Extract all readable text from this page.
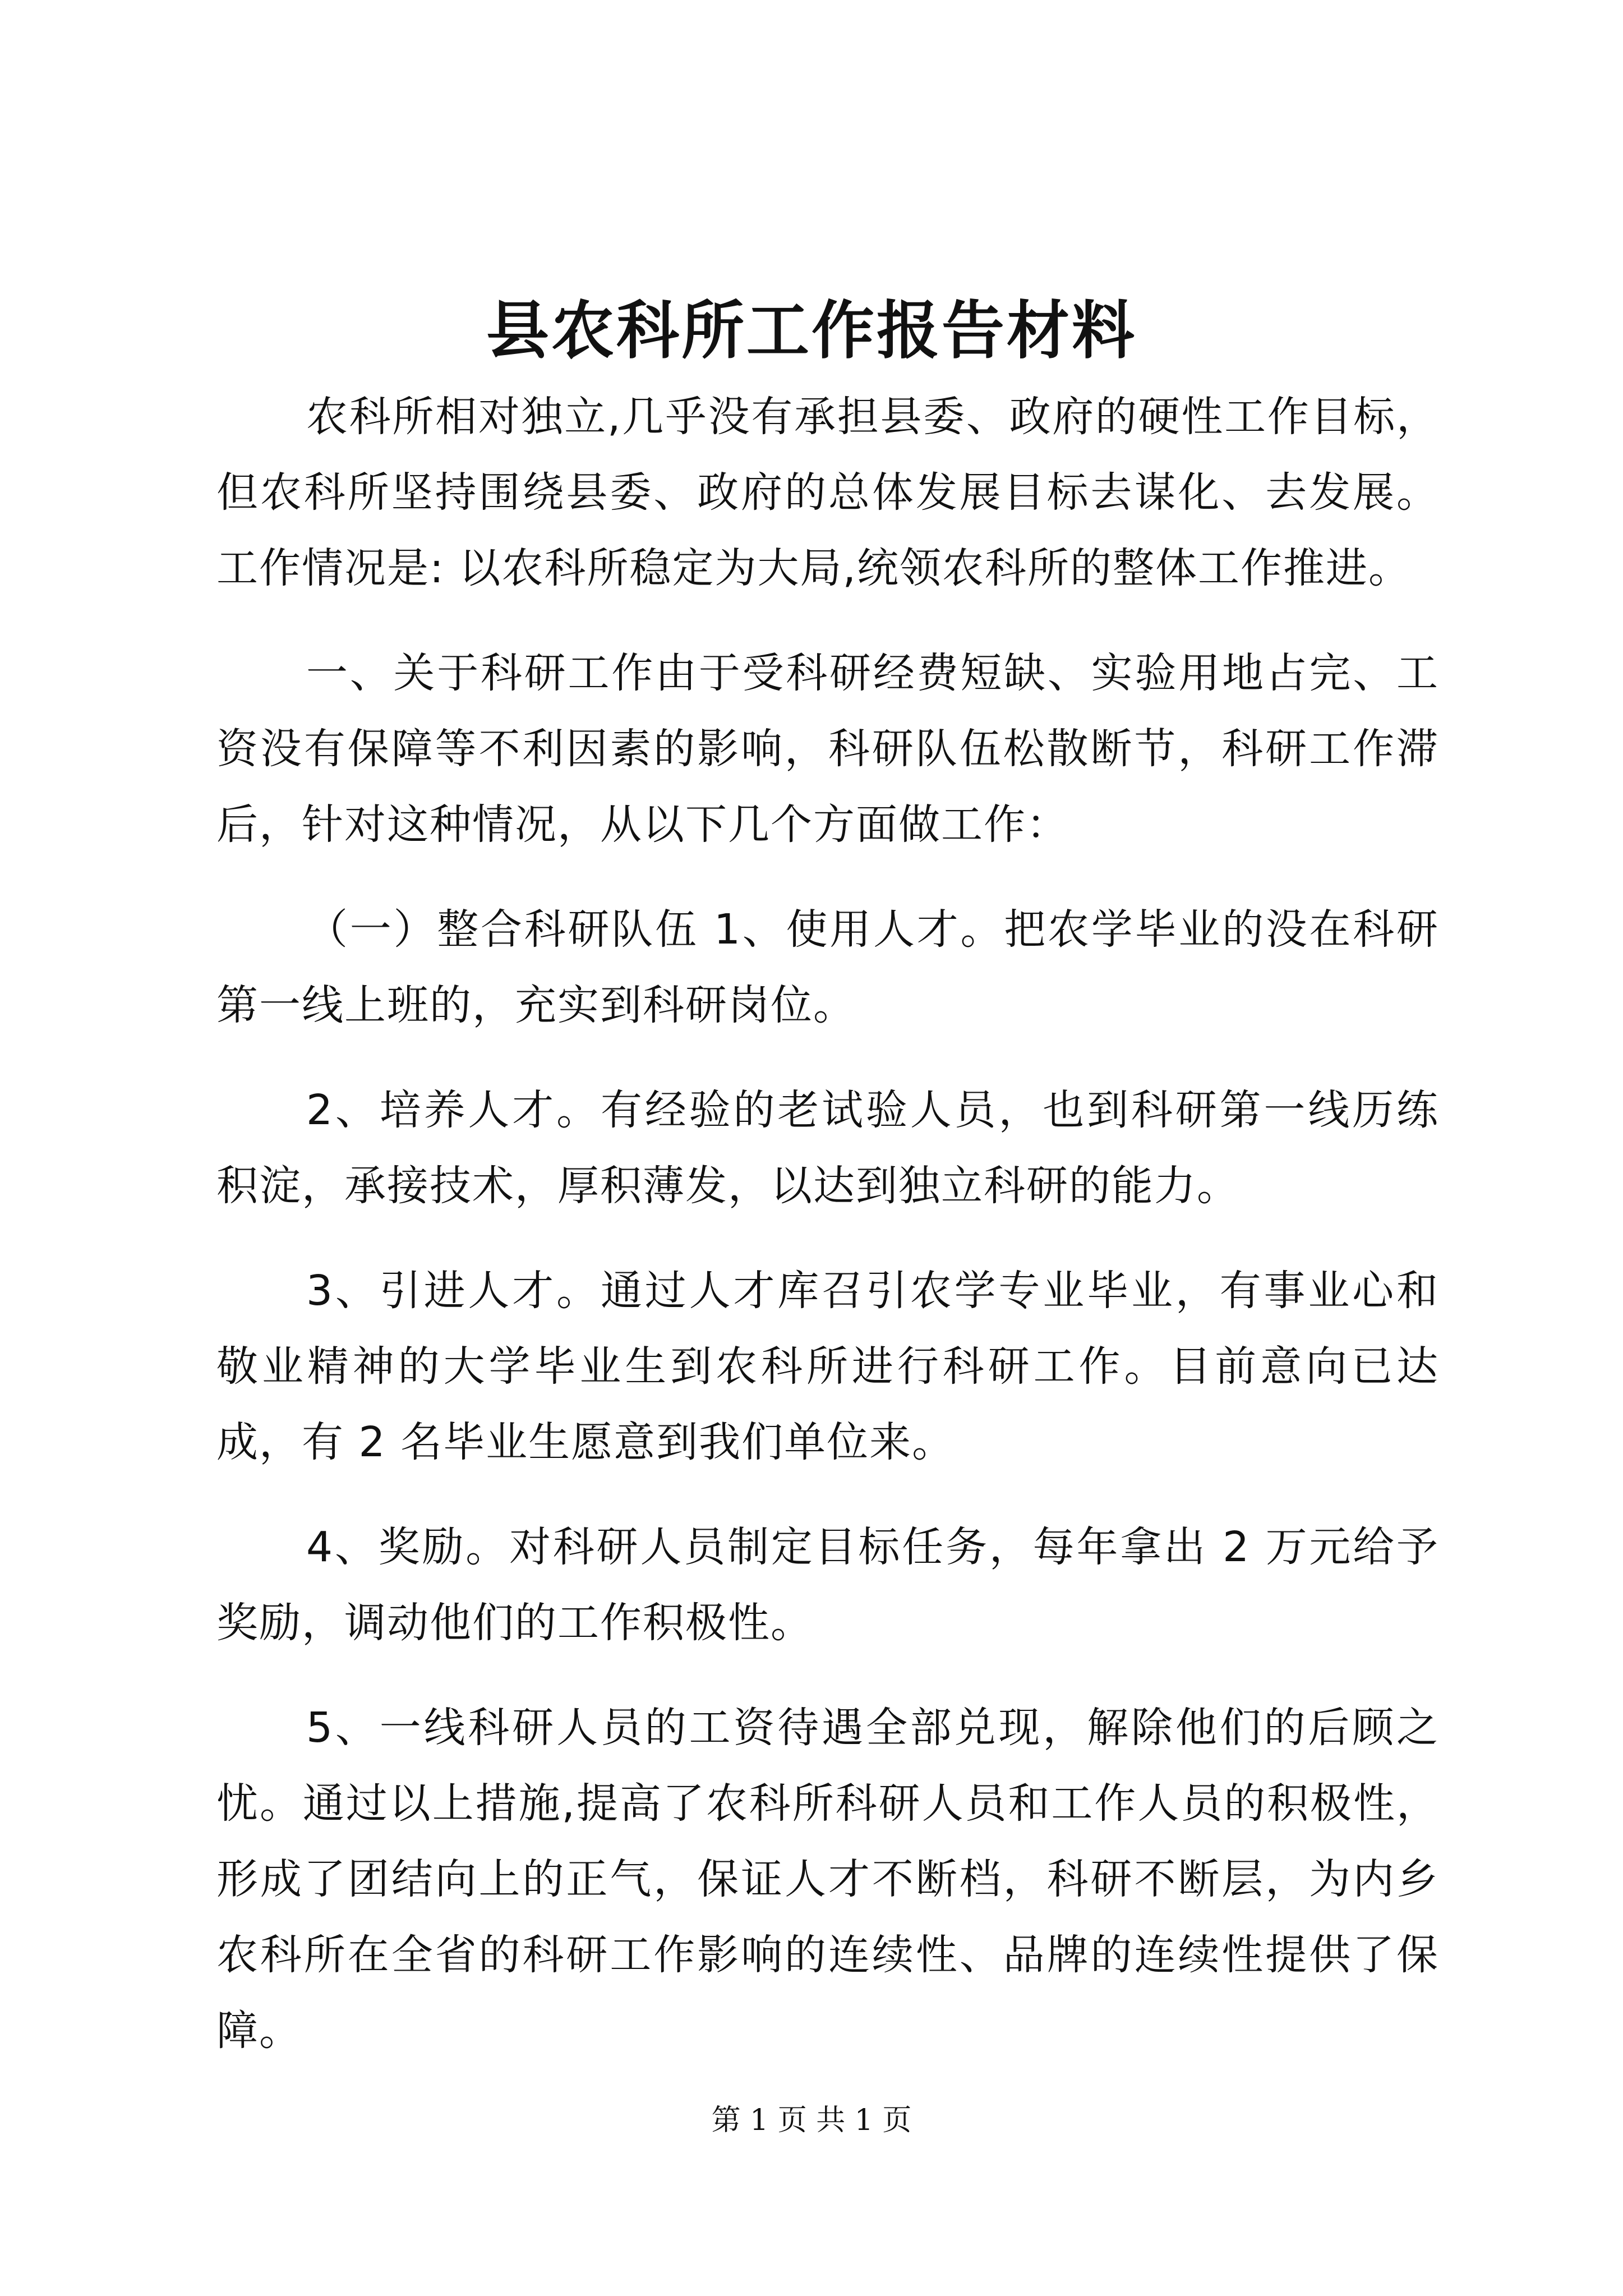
县农科所工作报告材料

农科所相对独立,几乎没有承担县委、政府的硬性工作目标，但农科所坚持围绕县委、政府的总体发展目标去谋化、去发展。工作情况是: 以农科所稳定为大局,统领农科所的整体工作推进。

一、关于科研工作由于受科研经费短缺、实验用地占完、工资没有保障等不利因素的影响，科研队伍松散断节，科研工作滞后，针对这种情况，从以下几个方面做工作：

（一）整合科研队伍 1、使用人才。把农学毕业的没在科研第一线上班的，充实到科研岗位。

2、培养人才。有经验的老试验人员，也到科研第一线历练积淀，承接技术，厚积薄发，以达到独立科研的能力。

3、引进人才。通过人才库召引农学专业毕业，有事业心和敬业精神的大学毕业生到农科所进行科研工作。目前意向已达成，有 2 名毕业生愿意到我们单位来。

4、奖励。对科研人员制定目标任务，每年拿出 2 万元给予奖励，调动他们的工作积极性。

5、一线科研人员的工资待遇全部兑现，解除他们的后顾之忧。通过以上措施,提高了农科所科研人员和工作人员的积极性，形成了团结向上的正气，保证人才不断档，科研不断层，为内乡农科所在全省的科研工作影响的连续性、品牌的连续性提供了保障。

第 1 页 共 1 页
